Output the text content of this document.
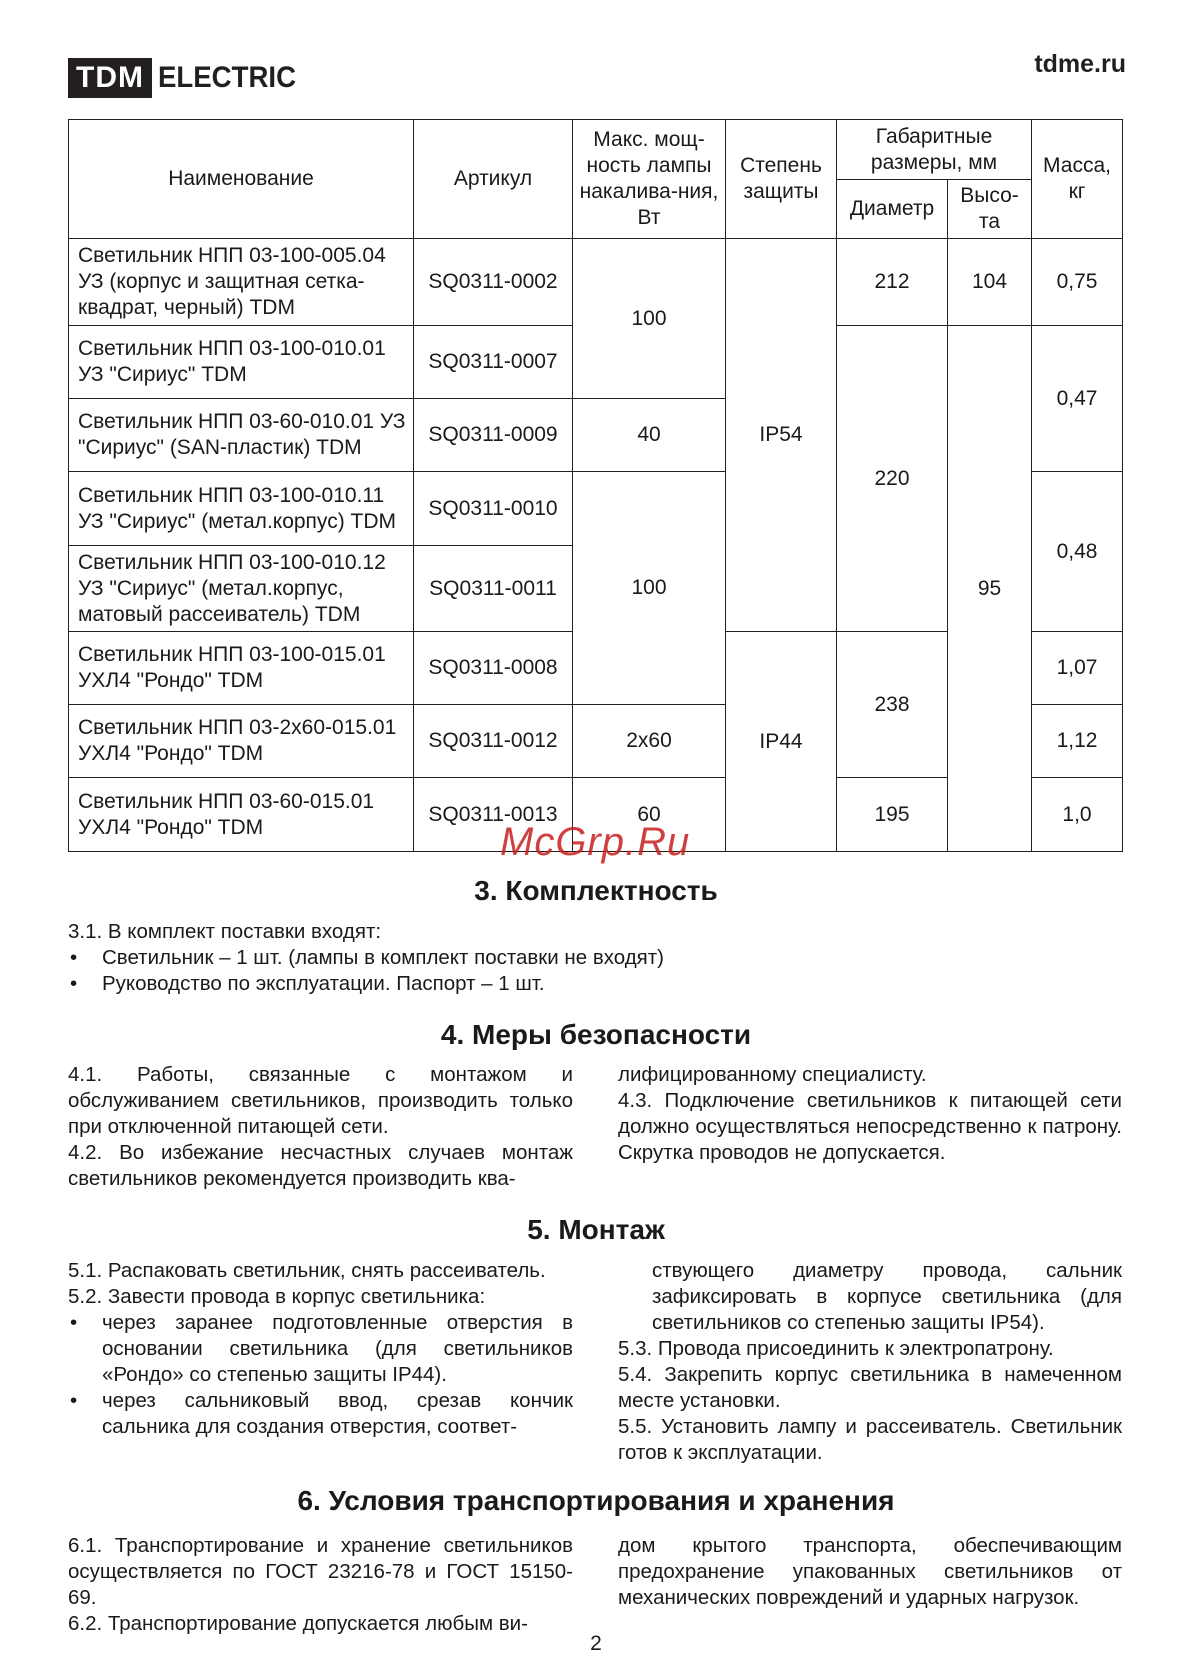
TDM ELECTRIC	tdme.ru
Наименование	Артикул	Макс. мощ-ность лампы накалива-ния, Вт	Степень защиты	Габаритные размеры, мм		Масса, кг
				Диаметр	Высо-та	
Светильник НПП 03-100-005.04 УЗ (корпус и защитная сетка-квадрат, черный) TDM	SQ0311-0002	100	IP54	212	104	0,75
Светильник НПП 03-100-010.01 УЗ "Сириус" TDM	SQ0311-0007			220	95	0,47
Светильник НПП 03-60-010.01 УЗ "Сириус" (SAN-пластик) TDM	SQ0311-0009	40				
Светильник НПП 03-100-010.11 УЗ "Сириус" (метал.корпус) TDM	SQ0311-0010	100				0,48
Светильник НПП 03-100-010.12 УЗ "Сириус" (метал.корпус, матовый рассеиватель) TDM	SQ0311-0011					
Светильник НПП 03-100-015.01 УХЛ4 "Рондо" TDM	SQ0311-0008		IP44	238		1,07
Светильник НПП 03-2х60-015.01 УХЛ4 "Рондо" TDM	SQ0311-0012	2х60				1,12
Светильник НПП 03-60-015.01 УХЛ4 "Рондо" TDM	SQ0311-0013	60		195		1,0
McGrp.Ru
3. Комплектность

3.1. В комплект поставки входят:

• Светильник – 1 шт. (лампы в комплект поставки не входят)

• Руководство по эксплуатации. Паспорт – 1 шт.

4. Меры безопасности

4.1. Работы, связанные с монтажом и обслуживанием светильников, производить только при отключенной питающей сети.

4.2. Во избежание несчастных случаев монтаж светильников рекомендуется производить ква-

лифицированному специалисту.

4.3. Подключение светильников к питающей сети должно осуществляться непосредственно к патрону. Скрутка проводов не допускается.

5. Монтаж

5.1. Распаковать светильник, снять рассеиватель.

5.2. Завести провода в корпус светильника:

• через заранее подготовленные отверстия в основании светильника (для светильников «Рондо» со степенью защиты IP44).

• через сальниковый ввод, срезав кончик сальника для создания отверстия, соответ-

ствующего диаметру провода, сальник зафиксировать в корпусе светильника (для светильников со степенью защиты IP54).

5.3. Провода присоединить к электропатрону.

5.4. Закрепить корпус светильника в намеченном месте установки.

5.5. Установить лампу и рассеиватель. Светильник готов к эксплуатации.

6. Условия транспортирования и хранения

6.1. Транспортирование и хранение светильников осуществляется по ГОСТ 23216-78 и ГОСТ 15150-69.

6.2. Транспортирование допускается любым ви-

дом крытого транспорта, обеспечивающим предохранение упакованных светильников от механических повреждений и ударных нагрузок.

2
